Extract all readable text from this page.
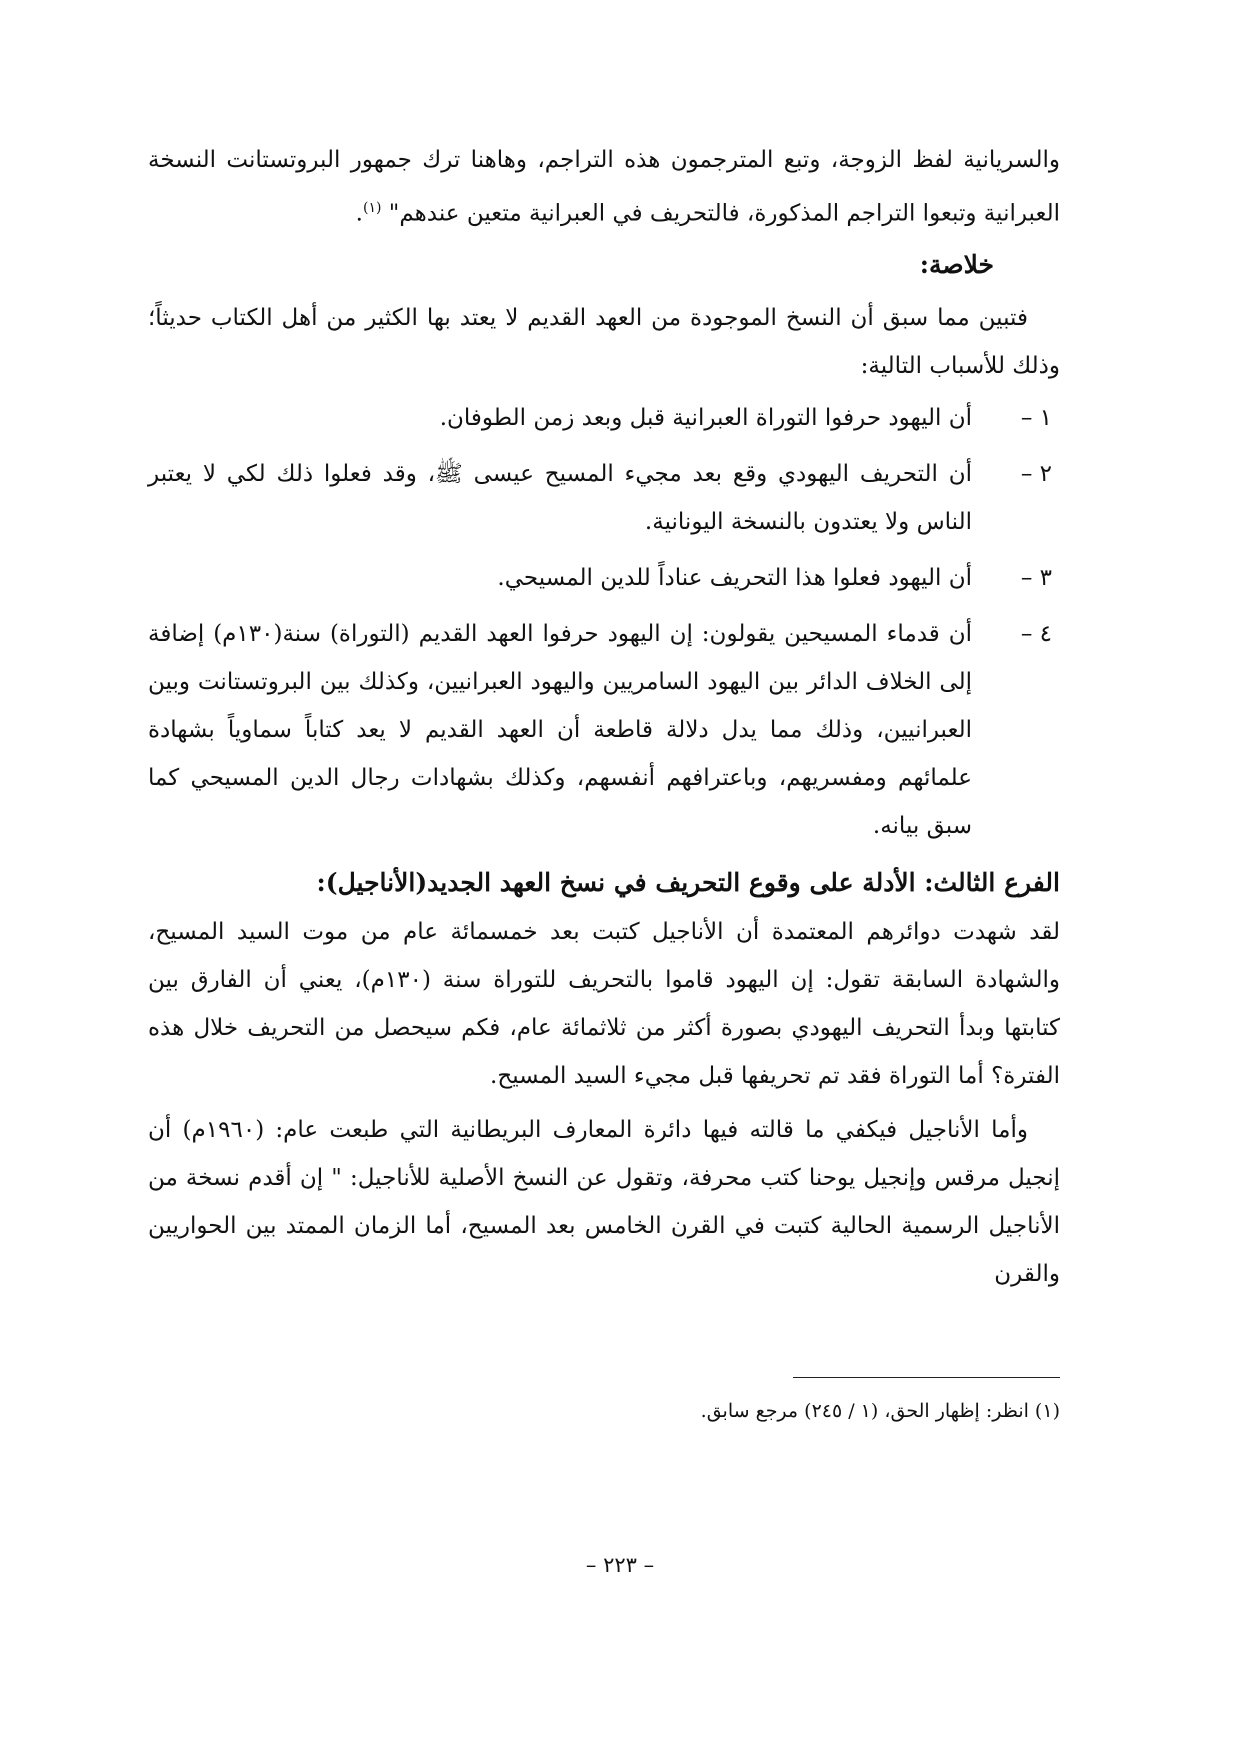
والسريانية لفظ الزوجة، وتبع المترجمون هذه التراجم، وهاهنا ترك جمهور البروتستانت النسخة العبرانية وتبعوا التراجم المذكورة، فالتحريف في العبرانية متعين عندهم" $^{(١)}$.

خلاصة:

فتبين مما سبق أن النسخ الموجودة من العهد القديم لا يعتد بها الكثير من أهل الكتاب حديثاً؛ وذلك للأسباب التالية:

١ –
أن اليهود حرفوا التوراة العبرانية قبل وبعد زمن الطوفان.
٢ –
أن التحريف اليهودي وقع بعد مجيء المسيح عيسى ﷺ، وقد فعلوا ذلك لكي لا يعتبر الناس ولا يعتدون بالنسخة اليونانية.
٣ –
أن اليهود فعلوا هذا التحريف عناداً للدين المسيحي.
٤ –
أن قدماء المسيحين يقولون: إن اليهود حرفوا العهد القديم (التوراة) سنة(١٣٠م) إضافة إلى الخلاف الدائر بين اليهود السامريين واليهود العبرانيين، وكذلك بين البروتستانت وبين العبرانيين، وذلك مما يدل دلالة قاطعة أن العهد القديم لا يعد كتاباً سماوياً بشهادة علمائهم ومفسريهم، وباعترافهم أنفسهم، وكذلك بشهادات رجال الدين المسيحي كما سبق بيانه.

الفرع الثالث: الأدلة على وقوع التحريف في نسخ العهد الجديد(الأناجيل):

لقد شهدت دوائرهم المعتمدة أن الأناجيل كتبت بعد خمسمائة عام من موت السيد المسيح، والشهادة السابقة تقول: إن اليهود قاموا بالتحريف للتوراة سنة (١٣٠م)، يعني أن الفارق بين كتابتها وبدأ التحريف اليهودي بصورة أكثر من ثلاثمائة عام، فكم سيحصل من التحريف خلال هذه الفترة؟ أما التوراة فقد تم تحريفها قبل مجيء السيد المسيح.

وأما الأناجيل فيكفي ما قالته فيها دائرة المعارف البريطانية التي طبعت عام: (١٩٦٠م) أن إنجيل مرقس وإنجيل يوحنا كتب محرفة، وتقول عن النسخ الأصلية للأناجيل: " إن أقدم نسخة من الأناجيل الرسمية الحالية كتبت في القرن الخامس بعد المسيح، أما الزمان الممتد بين الحواريين والقرن

(١) انظر: إظهار الحق، (١ / ٢٤٥) مرجع سابق.

– ٢٢٣ –
